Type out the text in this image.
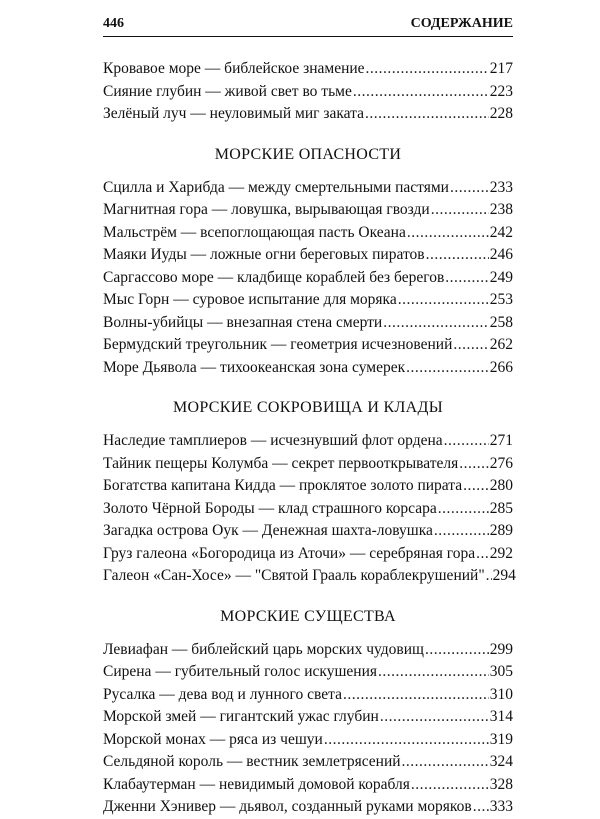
446	СОДЕРЖАНИЕ
Кровавое море — библейское знамение .....	217
Сияние глубин — живой свет во тьме .....	223
Зелёный луч — неуловимый миг заката .....	228
МОРСКИЕ ОПАСНОСТИ
Сцилла и Харибда — между смертельными пастями .....	233
Магнитная гора — ловушка, вырывающая гвозди .....	238
Мальстрём — всепоглощающая пасть Океана .....	242
Маяки Иуды — ложные огни береговых пиратов .....	246
Саргассово море — кладбище кораблей без берегов .....	249
Мыс Горн — суровое испытание для моряка .....	253
Волны-убийцы — внезапная стена смерти .....	258
Бермудский треугольник — геометрия исчезновений ..... 262
Море Дьявола — тихоокеанская зона сумерек .....	266
МОРСКИЕ СОКРОВИЩА И КЛАДЫ
Наследие тамплиеров — исчезнувший флот ордена .....	271
Тайник пещеры Колумба — секрет первооткрывателя ..... 276
Богатства капитана Кидда — проклятое золото пирата ..... 280
Золото Чёрной Бороды — клад страшного корсара .....	285
Загадка острова Оук — Денежная шахта-ловушка .....	289
Груз галеона «Богородица из Аточи» — серебряная гора ..... 292
Галеон «Сан-Хосе» — "Святой Грааль кораблекрушений" ..... 294
МОРСКИЕ СУЩЕСТВА
Левиафан — библейский царь морских чудовищ .....	299
Сирена — губительный голос искушения .....	305
Русалка — дева вод и лунного света .....	310
Морской змей — гигантский ужас глубин .....	314
Морской монах — ряса из чешуи .....	319
Сельдяной король — вестник землетрясений .....	324
Клабаутерман — невидимый домовой корабля .....	328
Дженни Хэнивер — дьявол, созданный руками моряков ..... 333
